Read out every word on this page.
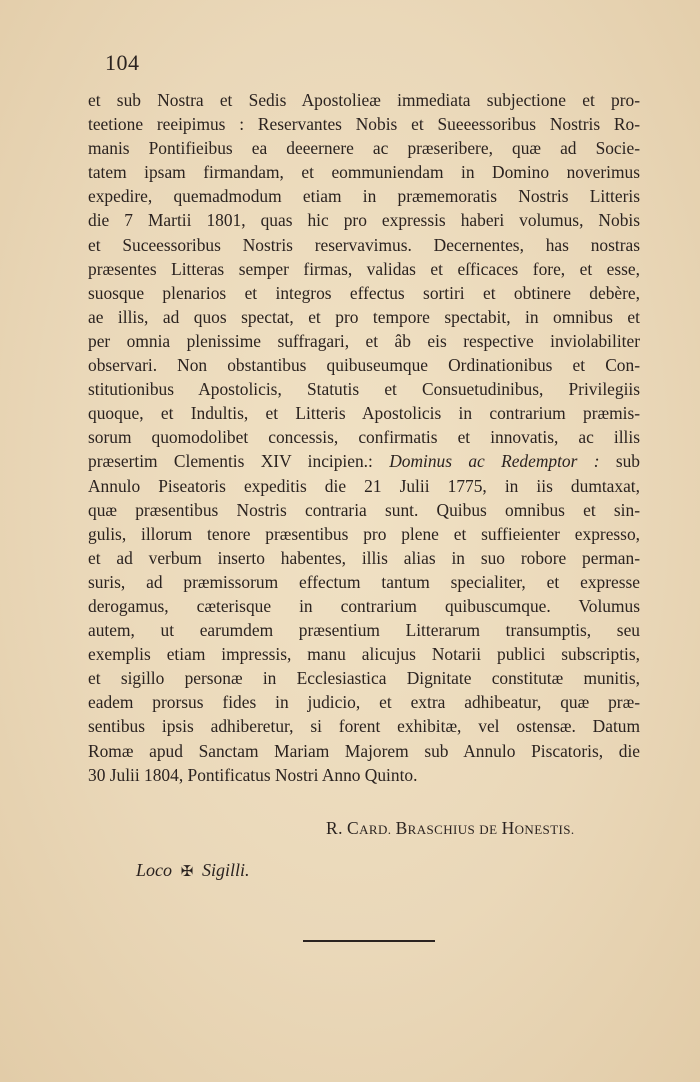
104
et sub Nostra et Sedis Apostolieæ immediata subjectione et pro-
teetione reeipimus : Reservantes Nobis et Sueeessoribus Nostris Ro-
manis Pontifieibus ea deeernere ac præseribere, quæ ad Socie-
tatem ipsam firmandam, et eommuniendam in Domino noverimus
expedire, quemadmodum etiam in præmemoratis Nostris Litteris
die 7 Martii 1801, quas hic pro expressis haberi volumus, Nobis
et Suceessoribus Nostris reservavimus. Decernentes, has nostras
præsentes Litteras semper firmas, validas et eſficaces fore, et esse,
suosque plenarios et integros effectus sortiri et obtinere debère,
ae illis, ad quos spectat, et pro tempore spectabit, in omnibus et
per omnia plenissime suffragari, et âb eis respective inviolabiliter
observari. Non obstantibus quibuseumque Ordinationibus et Con-
stitutionibus Apostolicis, Statutis et Consuetudinibus, Privilegiis
quoque, et Indultis, et Litteris Apostolicis in contrarium præmis-
sorum quomodolibet concessis, confirmatis et innovatis, ac illis
præsertim Clementis XIV incipien.: Dominus ac Redemptor : sub
Annulo Piseatoris expeditis die 21 Julii 1775, in iis dumtaxat,
quæ præsentibus Nostris contraria sunt. Quibus omnibus et sin-
gulis, illorum tenore præsentibus pro plene et suffieienter expresso,
et ad verbum inserto habentes, illis alias in suo robore perman-
suris, ad præmissorum effectum tantum specialiter, et expresse
derogamus, cæterisque in contrarium quibuscumque. Volumus
autem, ut earumdem præsentium Litterarum transumptis, seu
exemplis etiam impressis, manu alicujus Notarii publici subscriptis,
et sigillo personæ in Ecclesiastica Dignitate constitutæ munitis,
eadem prorsus fides in judicio, et extra adhibeatur, quæ præ-
sentibus ipsis adhiberetur, si forent exhibitæ, vel ostensæ. Datum
Romæ apud Sanctam Mariam Majorem sub Annulo Piscatoris, die
30 Julii 1804, Pontificatus Nostri Anno Quinto.
R. CARD. BRASCHIUS DE HONESTIS.
Loco ✠ Sigilli.
